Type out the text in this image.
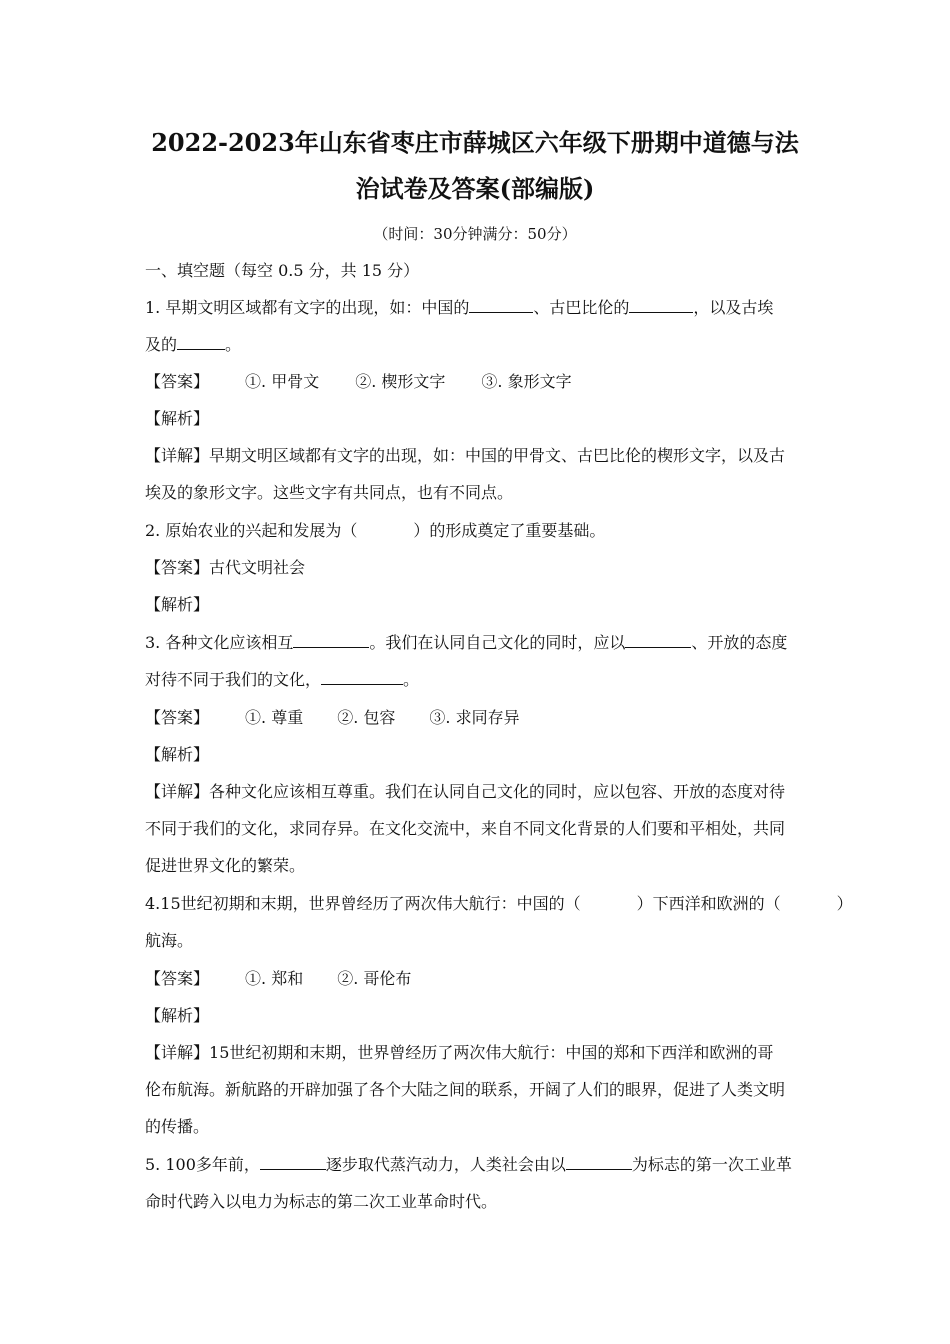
2022-2023年山东省枣庄市薛城区六年级下册期中道德与法
治试卷及答案(部编版)
（时间：30分钟满分：50分）
一、填空题（每空 0.5 分，共 15 分）
1. 早期文明区域都有文字的出现，如：中国的	、古巴比伦的	，以及古埃
及的	。
【答案】 ①. 甲骨文 ②. 楔形文字 ③. 象形文字
【解析】
【详解】早期文明区域都有文字的出现，如：中国的甲骨文、古巴比伦的楔形文字，以及古
埃及的象形文字。这些文字有共同点，也有不同点。
2. 原始农业的兴起和发展为（	）的形成奠定了重要基础。
【答案】古代文明社会
【解析】
3. 各种文化应该相互	。我们在认同自己文化的同时，应以	、开放的态度
对待不同于我们的文化，	。
【答案】 ①. 尊重 ②. 包容 ③. 求同存异
【解析】
【详解】各种文化应该相互尊重。我们在认同自己文化的同时，应以包容、开放的态度对待
不同于我们的文化，求同存异。在文化交流中，来自不同文化背景的人们要和平相处，共同
促进世界文化的繁荣。
4.15世纪初期和末期，世界曾经历了两次伟大航行：中国的（	）下西洋和欧洲的（	）
航海。
【答案】 ①. 郑和 ②. 哥伦布
【解析】
【详解】15世纪初期和末期，世界曾经历了两次伟大航行：中国的郑和下西洋和欧洲的哥
伦布航海。新航路的开辟加强了各个大陆之间的联系，开阔了人们的眼界，促进了人类文明
的传播。
5. 100多年前，	逐步取代蒸汽动力，人类社会由以	为标志的第一次工业革
命时代跨入以电力为标志的第二次工业革命时代。
